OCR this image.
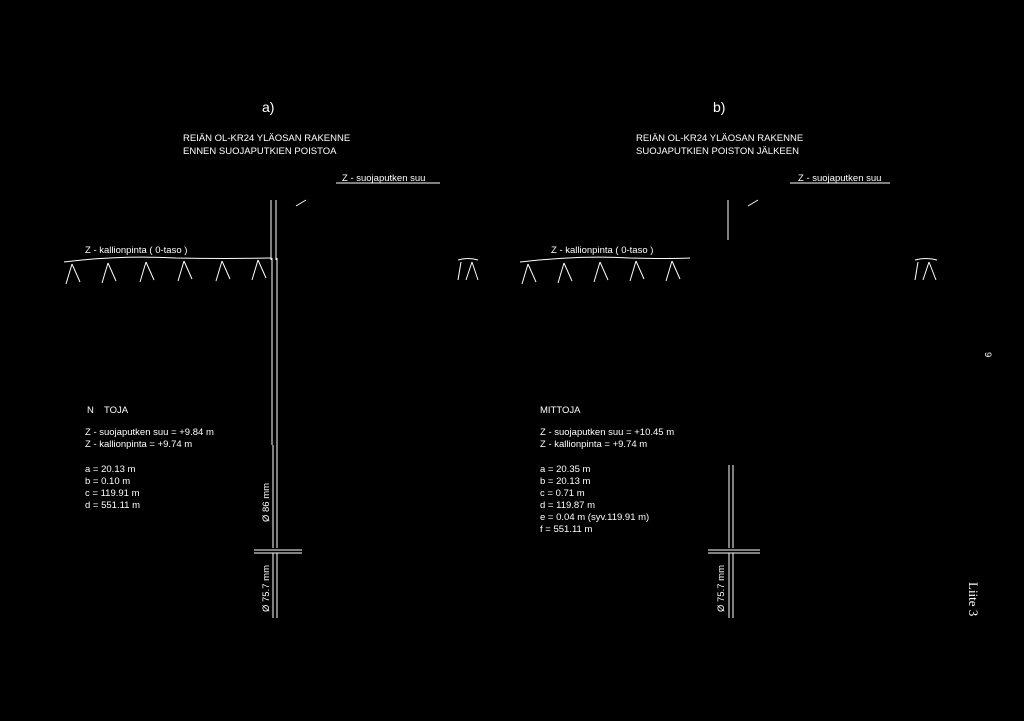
a)
REIÄN OL-KR24 YLÄOSAN RAKENNE
ENNEN SUOJAPUTKIEN POISTOA
Z - suojaputken suu
Z - kallionpinta ( 0-taso )
N TOJA
Z - suojaputken suu = +9.84 m
Z - kallionpinta = +9.74 m
a = 20.13 m
b = 0.10 m
c = 119.91 m
d = 551.11 m	Ø 86 mm
Ø 75.7 mm
b)
REIÄN OL-KR24 YLÄOSAN RAKENNE
SUOJAPUTKIEN POISTON JÄLKEEN
Z - suojaputken suu
Z - kallionpinta ( 0-taso )
MITTOJA
Z - suojaputken suu = +10.45 m
Z - kallionpinta = +9.74 m
a = 20.35 m
b = 20.13 m
c = 0.71 m
d = 119.87 m
e = 0.04 m (syv.119.91 m)
f = 551.11 m
Ø 75.7 mm
9
Liite 3
